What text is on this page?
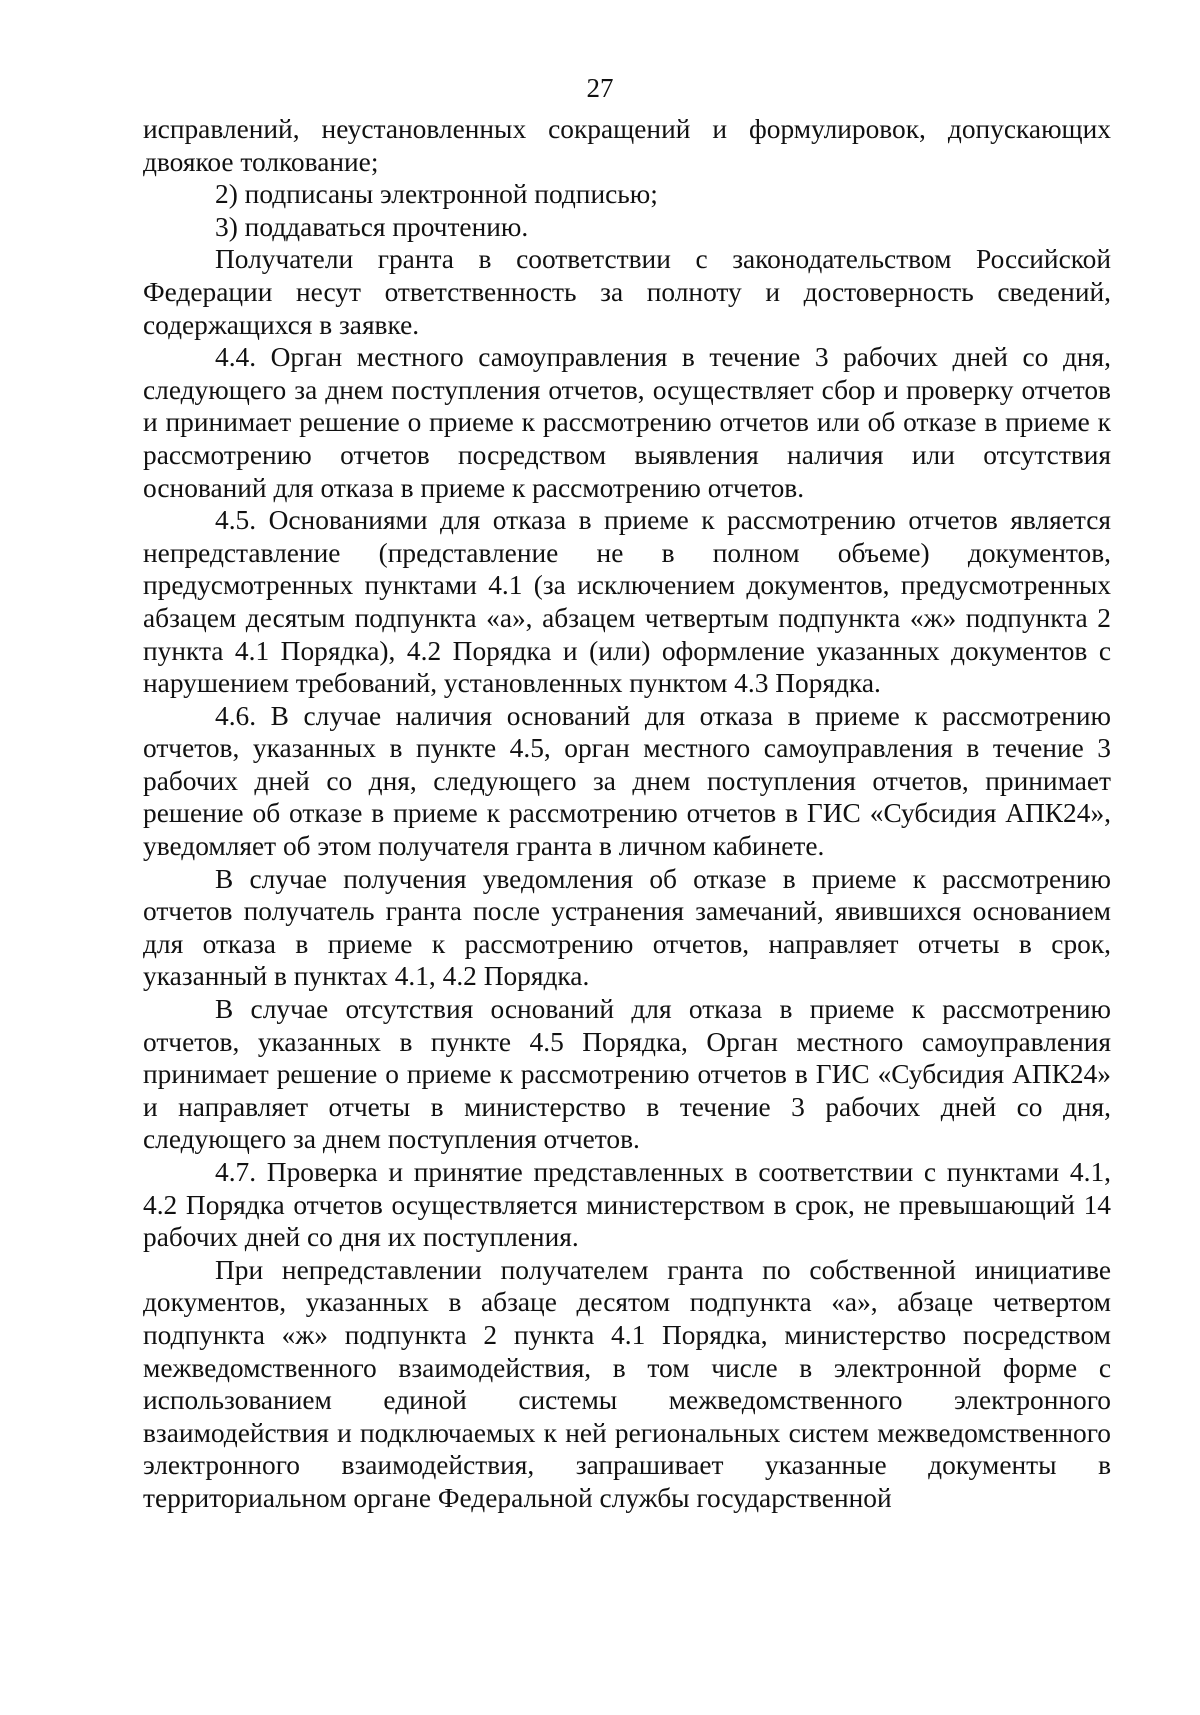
27

исправлений, неустановленных сокращений и формулировок, допускающих двоякое толкование;

2) подписаны электронной подписью;

3) поддаваться прочтению.

Получатели гранта в соответствии с законодательством Российской Федерации несут ответственность за полноту и достоверность сведений, содержащихся в заявке.

4.4. Орган местного самоуправления в течение 3 рабочих дней со дня, следующего за днем поступления отчетов, осуществляет сбор и проверку отчетов и принимает решение о приеме к рассмотрению отчетов или об отказе в приеме к рассмотрению отчетов посредством выявления наличия или отсутствия оснований для отказа в приеме к рассмотрению отчетов.

4.5. Основаниями для отказа в приеме к рассмотрению отчетов является непредставление (представление не в полном объеме) документов, предусмотренных пунктами 4.1 (за исключением документов, предусмотренных абзацем десятым подпункта «а», абзацем четвертым подпункта «ж» подпункта 2 пункта 4.1 Порядка), 4.2 Порядка и (или) оформление указанных документов с нарушением требований, установленных пунктом 4.3 Порядка.

4.6. В случае наличия оснований для отказа в приеме к рассмотрению отчетов, указанных в пункте 4.5, орган местного самоуправления в течение 3 рабочих дней со дня, следующего за днем поступления отчетов, принимает решение об отказе в приеме к рассмотрению отчетов в ГИС «Субсидия АПК24», уведомляет об этом получателя гранта в личном кабинете.

В случае получения уведомления об отказе в приеме к рассмотрению отчетов получатель гранта после устранения замечаний, явившихся основанием для отказа в приеме к рассмотрению отчетов, направляет отчеты в срок, указанный в пунктах 4.1, 4.2 Порядка.

В случае отсутствия оснований для отказа в приеме к рассмотрению отчетов, указанных в пункте 4.5 Порядка, Орган местного самоуправления принимает решение о приеме к рассмотрению отчетов в ГИС «Субсидия АПК24» и направляет отчеты в министерство в течение 3 рабочих дней со дня, следующего за днем поступления отчетов.

4.7. Проверка и принятие представленных в соответствии с пунктами 4.1, 4.2 Порядка отчетов осуществляется министерством в срок, не превышающий 14 рабочих дней со дня их поступления.

При непредставлении получателем гранта по собственной инициативе документов, указанных в абзаце десятом подпункта «а», абзаце четвертом подпункта «ж» подпункта 2 пункта 4.1 Порядка, министерство посредством межведомственного взаимодействия, в том числе в электронной форме с использованием единой системы межведомственного электронного взаимодействия и подключаемых к ней региональных систем межведомственного электронного взаимодействия, запрашивает указанные документы в территориальном органе Федеральной службы государственной
